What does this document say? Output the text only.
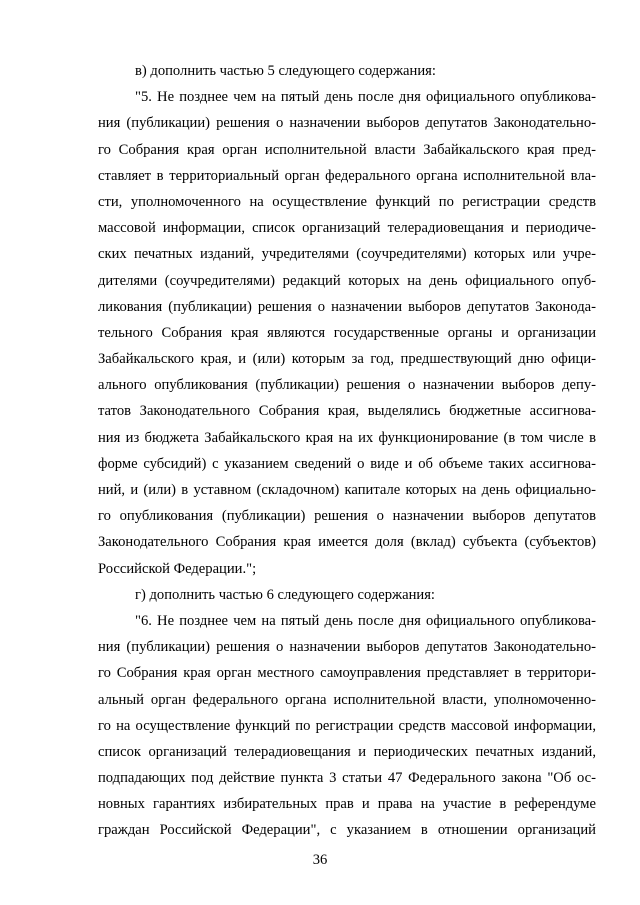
в) дополнить частью 5 следующего содержания:
"5. Не позднее чем на пятый день после дня официального опубликова-
ния (публикации) решения о назначении выборов депутатов Законодательно-
го Собрания края орган исполнительной власти Забайкальского края пред-
ставляет в территориальный орган федерального органа исполнительной вла-
сти, уполномоченного на осуществление функций по регистрации средств
массовой информации, список организаций телерадиовещания и периодиче-
ских печатных изданий, учредителями (соучредителями) которых или учре-
дителями (соучредителями) редакций которых на день официального опуб-
ликования (публикации) решения о назначении выборов депутатов Законода-
тельного Собрания края являются государственные органы и организации
Забайкальского края, и (или) которым за год, предшествующий дню офици-
ального опубликования (публикации) решения о назначении выборов депу-
татов Законодательного Собрания края, выделялись бюджетные ассигнова-
ния из бюджета Забайкальского края на их функционирование (в том числе в
форме субсидий) с указанием сведений о виде и об объеме таких ассигнова-
ний, и (или) в уставном (складочном) капитале которых на день официально-
го опубликования (публикации) решения о назначении выборов депутатов
Законодательного Собрания края имеется доля (вклад) субъекта (субъектов)
Российской Федерации.";
г) дополнить частью 6 следующего содержания:
"6. Не позднее чем на пятый день после дня официального опубликова-
ния (публикации) решения о назначении выборов депутатов Законодательно-
го Собрания края орган местного самоуправления представляет в территори-
альный орган федерального органа исполнительной власти, уполномоченно-
го на осуществление функций по регистрации средств массовой информации,
список организаций телерадиовещания и периодических печатных изданий,
подпадающих под действие пункта 3 статьи 47 Федерального закона "Об ос-
новных гарантиях избирательных прав и права на участие в референдуме
граждан Российской Федерации", с указанием в отношении организаций
36
